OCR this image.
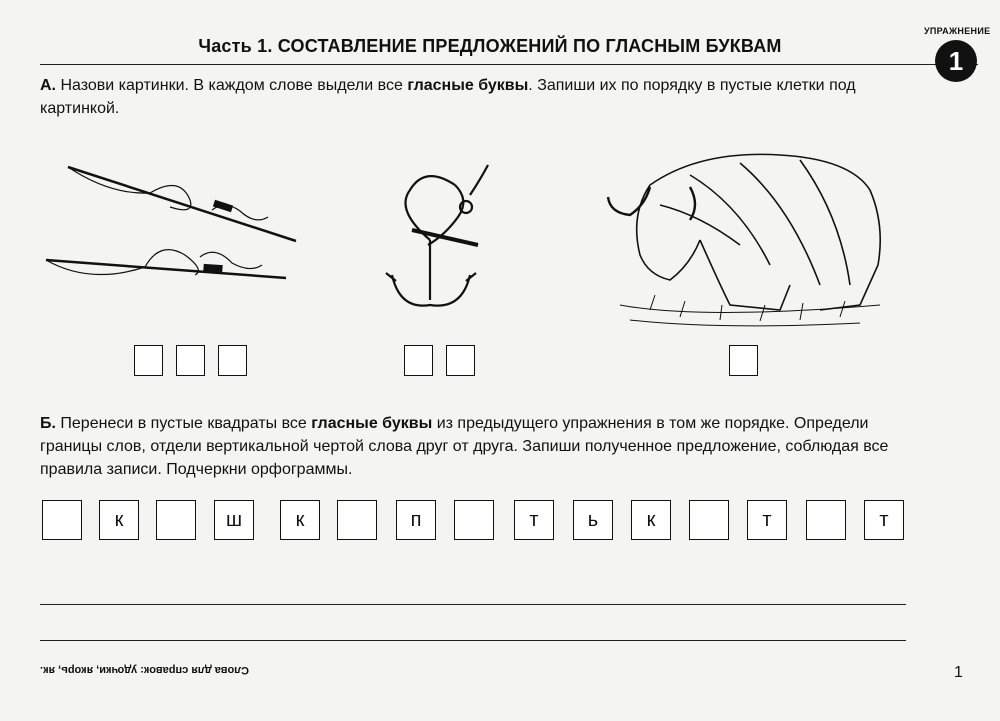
Часть 1. СОСТАВЛЕНИЕ ПРЕДЛОЖЕНИЙ ПО ГЛАСНЫМ БУКВАМ
УПРАЖНЕНИЕ
1
А. Назови картинки. В каждом слове выдели все гласные буквы. Запиши их по порядку в пустые клетки под картинкой.
Б. Перенеси в пустые квадраты все гласные буквы из предыдущего упражнения в том же порядке. Определи границы слов, отдели вертикальной чертой слова друг от друга. Запиши полученное предложение, соблюдая все правила записи. Подчеркни орфограммы.
к	ш	к	п	т	ь	к	т	т
Слова для справок: удочки, якорь, як.	1
